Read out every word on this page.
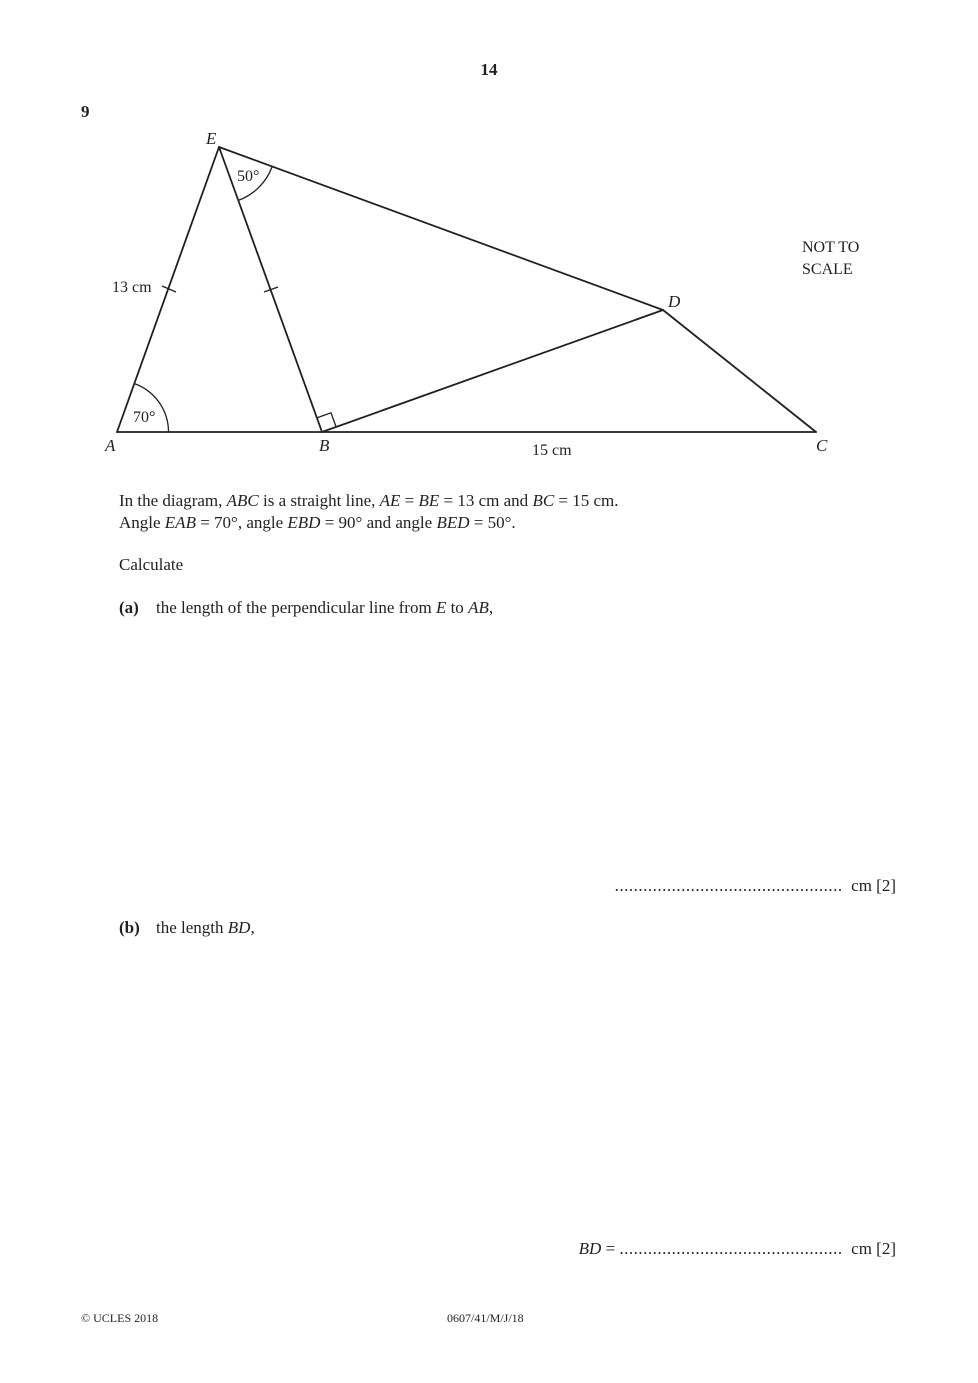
14
9
E
A	B	C
D
50°
70°
13 cm
15 cm
NOT TO
SCALE
In the diagram, ABC is a straight line, AE = BE = 13 cm and BC = 15 cm.
Angle EAB = 70°, angle EBD = 90° and angle BED = 50°.
Calculate
(a) the length of the perpendicular line from E to AB,
................................................ cm [2]
(b) the length BD,
BD = ............................................... cm [2]
© UCLES 2018	0607/41/M/J/18
